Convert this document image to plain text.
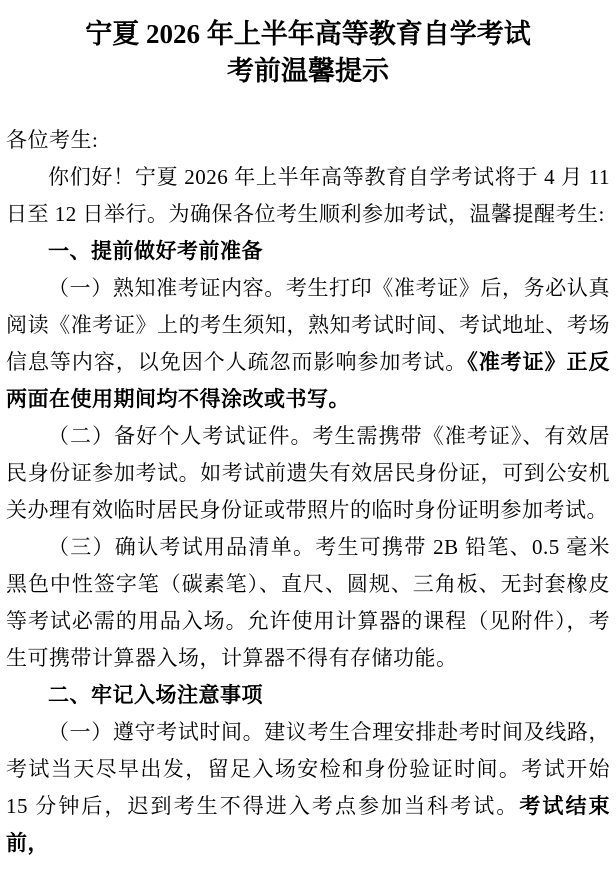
宁夏 2026 年上半年高等教育自学考试
考前温馨提示

各位考生:

你们好！宁夏 2026 年上半年高等教育自学考试将于 4 月 11 日至 12 日举行。为确保各位考生顺利参加考试，温馨提醒考生:

一、提前做好考前准备

（一）熟知准考证内容。考生打印《准考证》后，务必认真阅读《准考证》上的考生须知，熟知考试时间、考试地址、考场信息等内容，以免因个人疏忽而影响参加考试。《准考证》正反两面在使用期间均不得涂改或书写。

（二）备好个人考试证件。考生需携带《准考证》、有效居民身份证参加考试。如考试前遗失有效居民身份证，可到公安机关办理有效临时居民身份证或带照片的临时身份证明参加考试。

（三）确认考试用品清单。考生可携带 2B 铅笔、0.5 毫米黑色中性签字笔（碳素笔）、直尺、圆规、三角板、无封套橡皮等考试必需的用品入场。允许使用计算器的课程（见附件），考生可携带计算器入场，计算器不得有存储功能。

二、牢记入场注意事项

（一）遵守考试时间。建议考生合理安排赴考时间及线路，考试当天尽早出发，留足入场安检和身份验证时间。考试开始 15 分钟后，迟到考生不得进入考点参加当科考试。考试结束前，
